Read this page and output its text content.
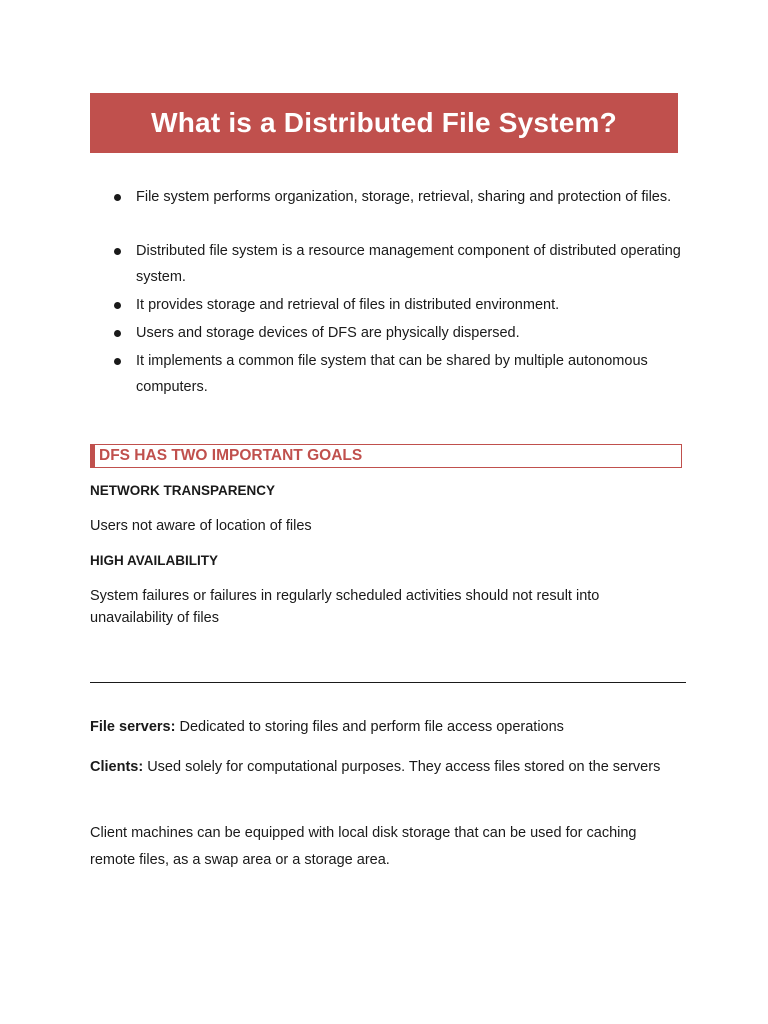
What is a Distributed File System?
File system performs organization, storage, retrieval, sharing and protection of files.
Distributed file system is a resource management component of distributed operating system.
It provides storage and retrieval of files in distributed environment.
Users and storage devices of DFS are physically dispersed.
It implements a common file system that can be shared by multiple autonomous computers.
DFS HAS TWO IMPORTANT GOALS
NETWORK TRANSPARENCY
Users not aware of location of files
HIGH AVAILABILITY
System failures or failures in regularly scheduled activities should not result into unavailability of files
File servers: Dedicated to storing files and perform file access operations
Clients: Used solely for computational purposes. They access files stored on the servers
Client machines can be equipped with local disk storage that can be used for caching remote files, as a swap area or a storage area.
